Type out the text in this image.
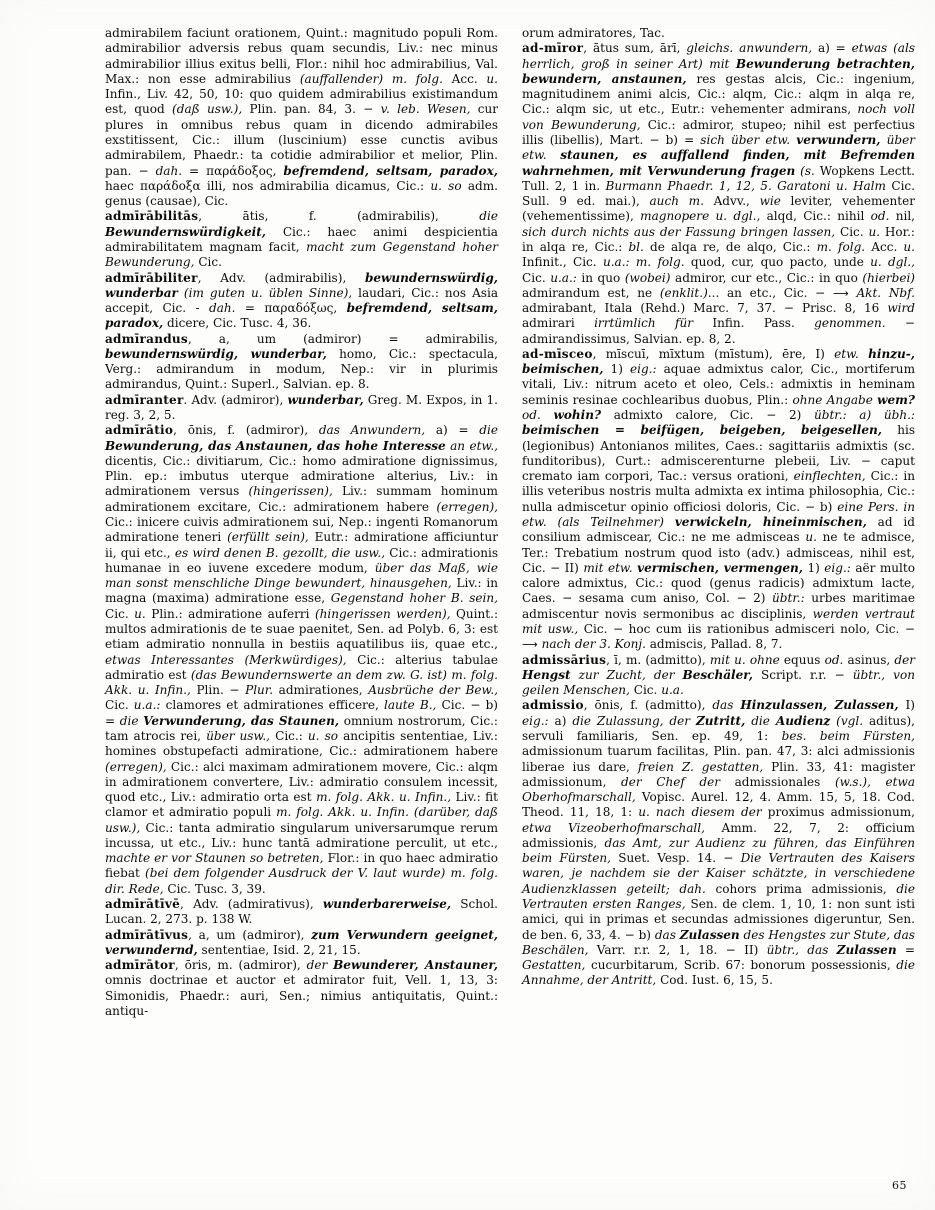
admirabilem faciunt orationem, Quint.: magnitudo populi Rom. admirabilior adversis rebus quam secundis, Liv.: nec minus admirabilior illius exitus belli, Flor.: nihil hoc admirabilius, Val. Max.: non esse admirabilius (auffallender) m. folg. Acc. u. Infin., Liv. 42, 50, 10: quo quidem admirabilius existimandum est, quod (daß usw.), Plin. pan. 84, 3. − v. leb. Wesen, cur plures in omnibus rebus quam in dicendo admirabiles exstitissent, Cic.: illum (luscinium) esse cunctis avibus admirabilem, Phaedr.: ta cotidie admirabilior et melior, Plin. pan. − dah. = παράδοξος, befremdend, seltsam, paradox, haec παράδοξα illi, nos admirabilia dicamus, Cic.: u. so adm. genus (causae), Cic.

admīrābilitās, ātis, f. (admirabilis), die Bewundernswürdigkeit, Cic.: haec animi despicientia admirabilitatem magnam facit, macht zum Gegenstand hoher Bewunderung, Cic.

admīrābiliter, Adv. (admirabilis), bewundernswürdig, wunderbar (im guten u. üblen Sinne), laudari, Cic.: nos Asia accepit, Cic. - dah. = παραδόξως, befremdend, seltsam, paradox, dicere, Cic. Tusc. 4, 36.

admīrandus, a, um (admiror) = admirabilis, bewundernswürdig, wunderbar, homo, Cic.: spectacula, Verg.: admirandum in modum, Nep.: vir in plurimis admirandus, Quint.: Superl., Salvian. ep. 8.

admīranter. Adv. (admiror), wunderbar, Greg. M. Expos, in 1. reg. 3, 2, 5.

admīrātio, ōnis, f. (admiror), das Anwundern, a) = die Bewunderung, das Anstaunen, das hohe Interesse an etw., dicentis, Cic.: divitiarum, Cic.: homo admiratione dignissimus, Plin. ep.: imbutus uterque admiratione alterius, Liv.: in admirationem versus (hingerissen), Liv.: summam hominum admirationem excitare, Cic.: admirationem habere (erregen), Cic.: inicere cuivis admirationem sui, Nep.: ingenti Romanorum admiratione teneri (erfüllt sein), Eutr.: admiratione afficiuntur ii, qui etc., es wird denen B. gezollt, die usw., Cic.: admirationis humanae in eo iuvene excedere modum, über das Maß, wie man sonst menschliche Dinge bewundert, hinausgehen, Liv.: in magna (maxima) admiratione esse, Gegenstand hoher B. sein, Cic. u. Plin.: admiratione auferri (hingerissen werden), Quint.: multos admirationis de te suae paenitet, Sen. ad Polyb. 6, 3: est etiam admiratio nonnulla in bestiis aquatilibus iis, quae etc., etwas Interessantes (Merkwürdiges), Cic.: alterius tabulae admiratio est (das Bewundernswerte an dem zw. G. ist) m. folg. Akk. u. Infin., Plin. − Plur. admirationes, Ausbrüche der Bew., Cic. u.a.: clamores et admirationes efficere, laute B., Cic. − b) = die Verwunderung, das Staunen, omnium nostrorum, Cic.: tam atrocis rei, über usw., Cic.: u. so ancipitis sententiae, Liv.: homines obstupefacti admiratione, Cic.: admirationem habere (erregen), Cic.: alci maximam admirationem movere, Cic.: alqm in admirationem convertere, Liv.: admiratio consulem incessit, quod etc., Liv.: admiratio orta est m. folg. Akk. u. Infin., Liv.: fit clamor et admiratio populi m. folg. Akk. u. Infin. (darüber, daß usw.), Cic.: tanta admiratio singularum universarumque rerum incussa, ut etc., Liv.: hunc tantā admiratione perculit, ut etc., machte er vor Staunen so betreten, Flor.: in quo haec admiratio fiebat (bei dem folgender Ausdruck der V. laut wurde) m. folg. dir. Rede, Cic. Tusc. 3, 39.

admīrātīvē, Adv. (admirativus), wunderbarerweise, Schol. Lucan. 2, 273. p. 138 W.

admīrātīvus, a, um (admiror), zum Verwundern geeignet, verwundernd, sententiae, Isid. 2, 21, 15.

admīrātor, ōris, m. (admiror), der Bewunderer, Anstauner, omnis doctrinae et auctor et admirator fuit, Vell. 1, 13, 3: Simonidis, Phaedr.: auri, Sen.; nimius antiquitatis, Quint.: antiqu-

orum admiratores, Tac.

ad-mīror, ātus sum, ārī, gleichs. anwundern, a) = etwas (als herrlich, groß in seiner Art) mit Bewunderung betrachten, bewundern, anstaunen, res gestas alcis, Cic.: ingenium, magnitudinem animi alcis, Cic.: alqm, Cic.: alqm in alqa re, Cic.: alqm sic, ut etc., Eutr.: vehementer admirans, noch voll von Bewunderung, Cic.: admiror, stupeo; nihil est perfectius illis (libellis), Mart. − b) = sich über etw. verwundern, über etw. staunen, es auffallend finden, mit Befremden wahrnehmen, mit Verwunderung fragen (s. Wopkens Lectt. Tull. 2, 1 in. Burmann Phaedr. 1, 12, 5. Garatoni u. Halm Cic. Sull. 9 ed. mai.), auch m. Advv., wie leviter, vehementer (vehementissime), magnopere u. dgl., alqd, Cic.: nihil od. nil, sich durch nichts aus der Fassung bringen lassen, Cic. u. Hor.: in alqa re, Cic.: bl. de alqa re, de alqo, Cic.: m. folg. Acc. u. Infinit., Cic. u.a.: m. folg. quod, cur, quo pacto, unde u. dgl., Cic. u.a.: in quo (wobei) admiror, cur etc., Cic.: in quo (hierbei) admirandum est, ne (enklit.)... an etc., Cic. − ⟶ Akt. Nbf. admirabant, Itala (Rehd.) Marc. 7, 37. − Prisc. 8, 16 wird admirari irrtümlich für Infin. Pass. genommen. − admirandissimus, Salvian. ep. 8, 2.

ad-mīsceo, mīscuī, mīxtum (mīstum), ēre, I) etw. hinzu-, beimischen, 1) eig.: aquae admixtus calor, Cic., mortiferum vitali, Liv.: nitrum aceto et oleo, Cels.: admixtis in heminam seminis resinae cochlearibus duobus, Plin.: ohne Angabe wem? od. wohin? admixto calore, Cic. − 2) übtr.: a) übh.: beimischen = beifügen, beigeben, beigesellen, his (legionibus) Antonianos milites, Caes.: sagittariis admixtis (sc. funditoribus), Curt.: admiscerenturne plebeii, Liv. − caput cremato iam corpori, Tac.: versus orationi, einflechten, Cic.: in illis veteribus nostris multa admixta ex intima philosophia, Cic.: nulla admiscetur opinio officiosi doloris, Cic. − b) eine Pers. in etw. (als Teilnehmer) verwickeln, hineinmischen, ad id consilium admiscear, Cic.: ne me admisceas u. ne te admisce, Ter.: Trebatium nostrum quod isto (adv.) admisceas, nihil est, Cic. − II) mit etw. vermischen, vermengen, 1) eig.: aër multo calore admixtus, Cic.: quod (genus radicis) admixtum lacte, Caes. − sesama cum aniso, Col. − 2) übtr.: urbes maritimae admiscentur novis sermonibus ac disciplinis, werden vertraut mit usw., Cic. − hoc cum iis rationibus admisceri nolo, Cic. − ⟶ nach der 3. Konj. admiscis, Pallad. 8, 7.

admissārius, ī, m. (admitto), mit u. ohne equus od. asinus, der Hengst zur Zucht, der Beschäler, Script. r.r. − übtr., von geilen Menschen, Cic. u.a.

admissio, ōnis, f. (admitto), das Hinzulassen, Zulassen, I) eig.: a) die Zulassung, der Zutritt, die Audienz (vgl. aditus), servuli familiaris, Sen. ep. 49, 1: bes. beim Fürsten, admissionum tuarum facilitas, Plin. pan. 47, 3: alci admissionis liberae ius dare, freien Z. gestatten, Plin. 33, 41: magister admissionum, der Chef der admissionales (w.s.), etwa Oberhofmarschall, Vopisc. Aurel. 12, 4. Amm. 15, 5, 18. Cod. Theod. 11, 18, 1: u. nach diesem der proximus admissionum, etwa Vizeoberhofmarschall, Amm. 22, 7, 2: officium admissionis, das Amt, zur Audienz zu führen, das Einführen beim Fürsten, Suet. Vesp. 14. − Die Vertrauten des Kaisers waren, je nachdem sie der Kaiser schätzte, in verschiedene Audienzklassen geteilt; dah. cohors prima admissionis, die Vertrauten ersten Ranges, Sen. de clem. 1, 10, 1: non sunt isti amici, qui in primas et secundas admissiones digeruntur, Sen. de ben. 6, 33, 4. − b) das Zulassen des Hengstes zur Stute, das Beschälen, Varr. r.r. 2, 1, 18. − II) übtr., das Zulassen = Gestatten, cucurbitarum, Scrib. 67: bonorum possessionis, die Annahme, der Antritt, Cod. Iust. 6, 15, 5.

65
